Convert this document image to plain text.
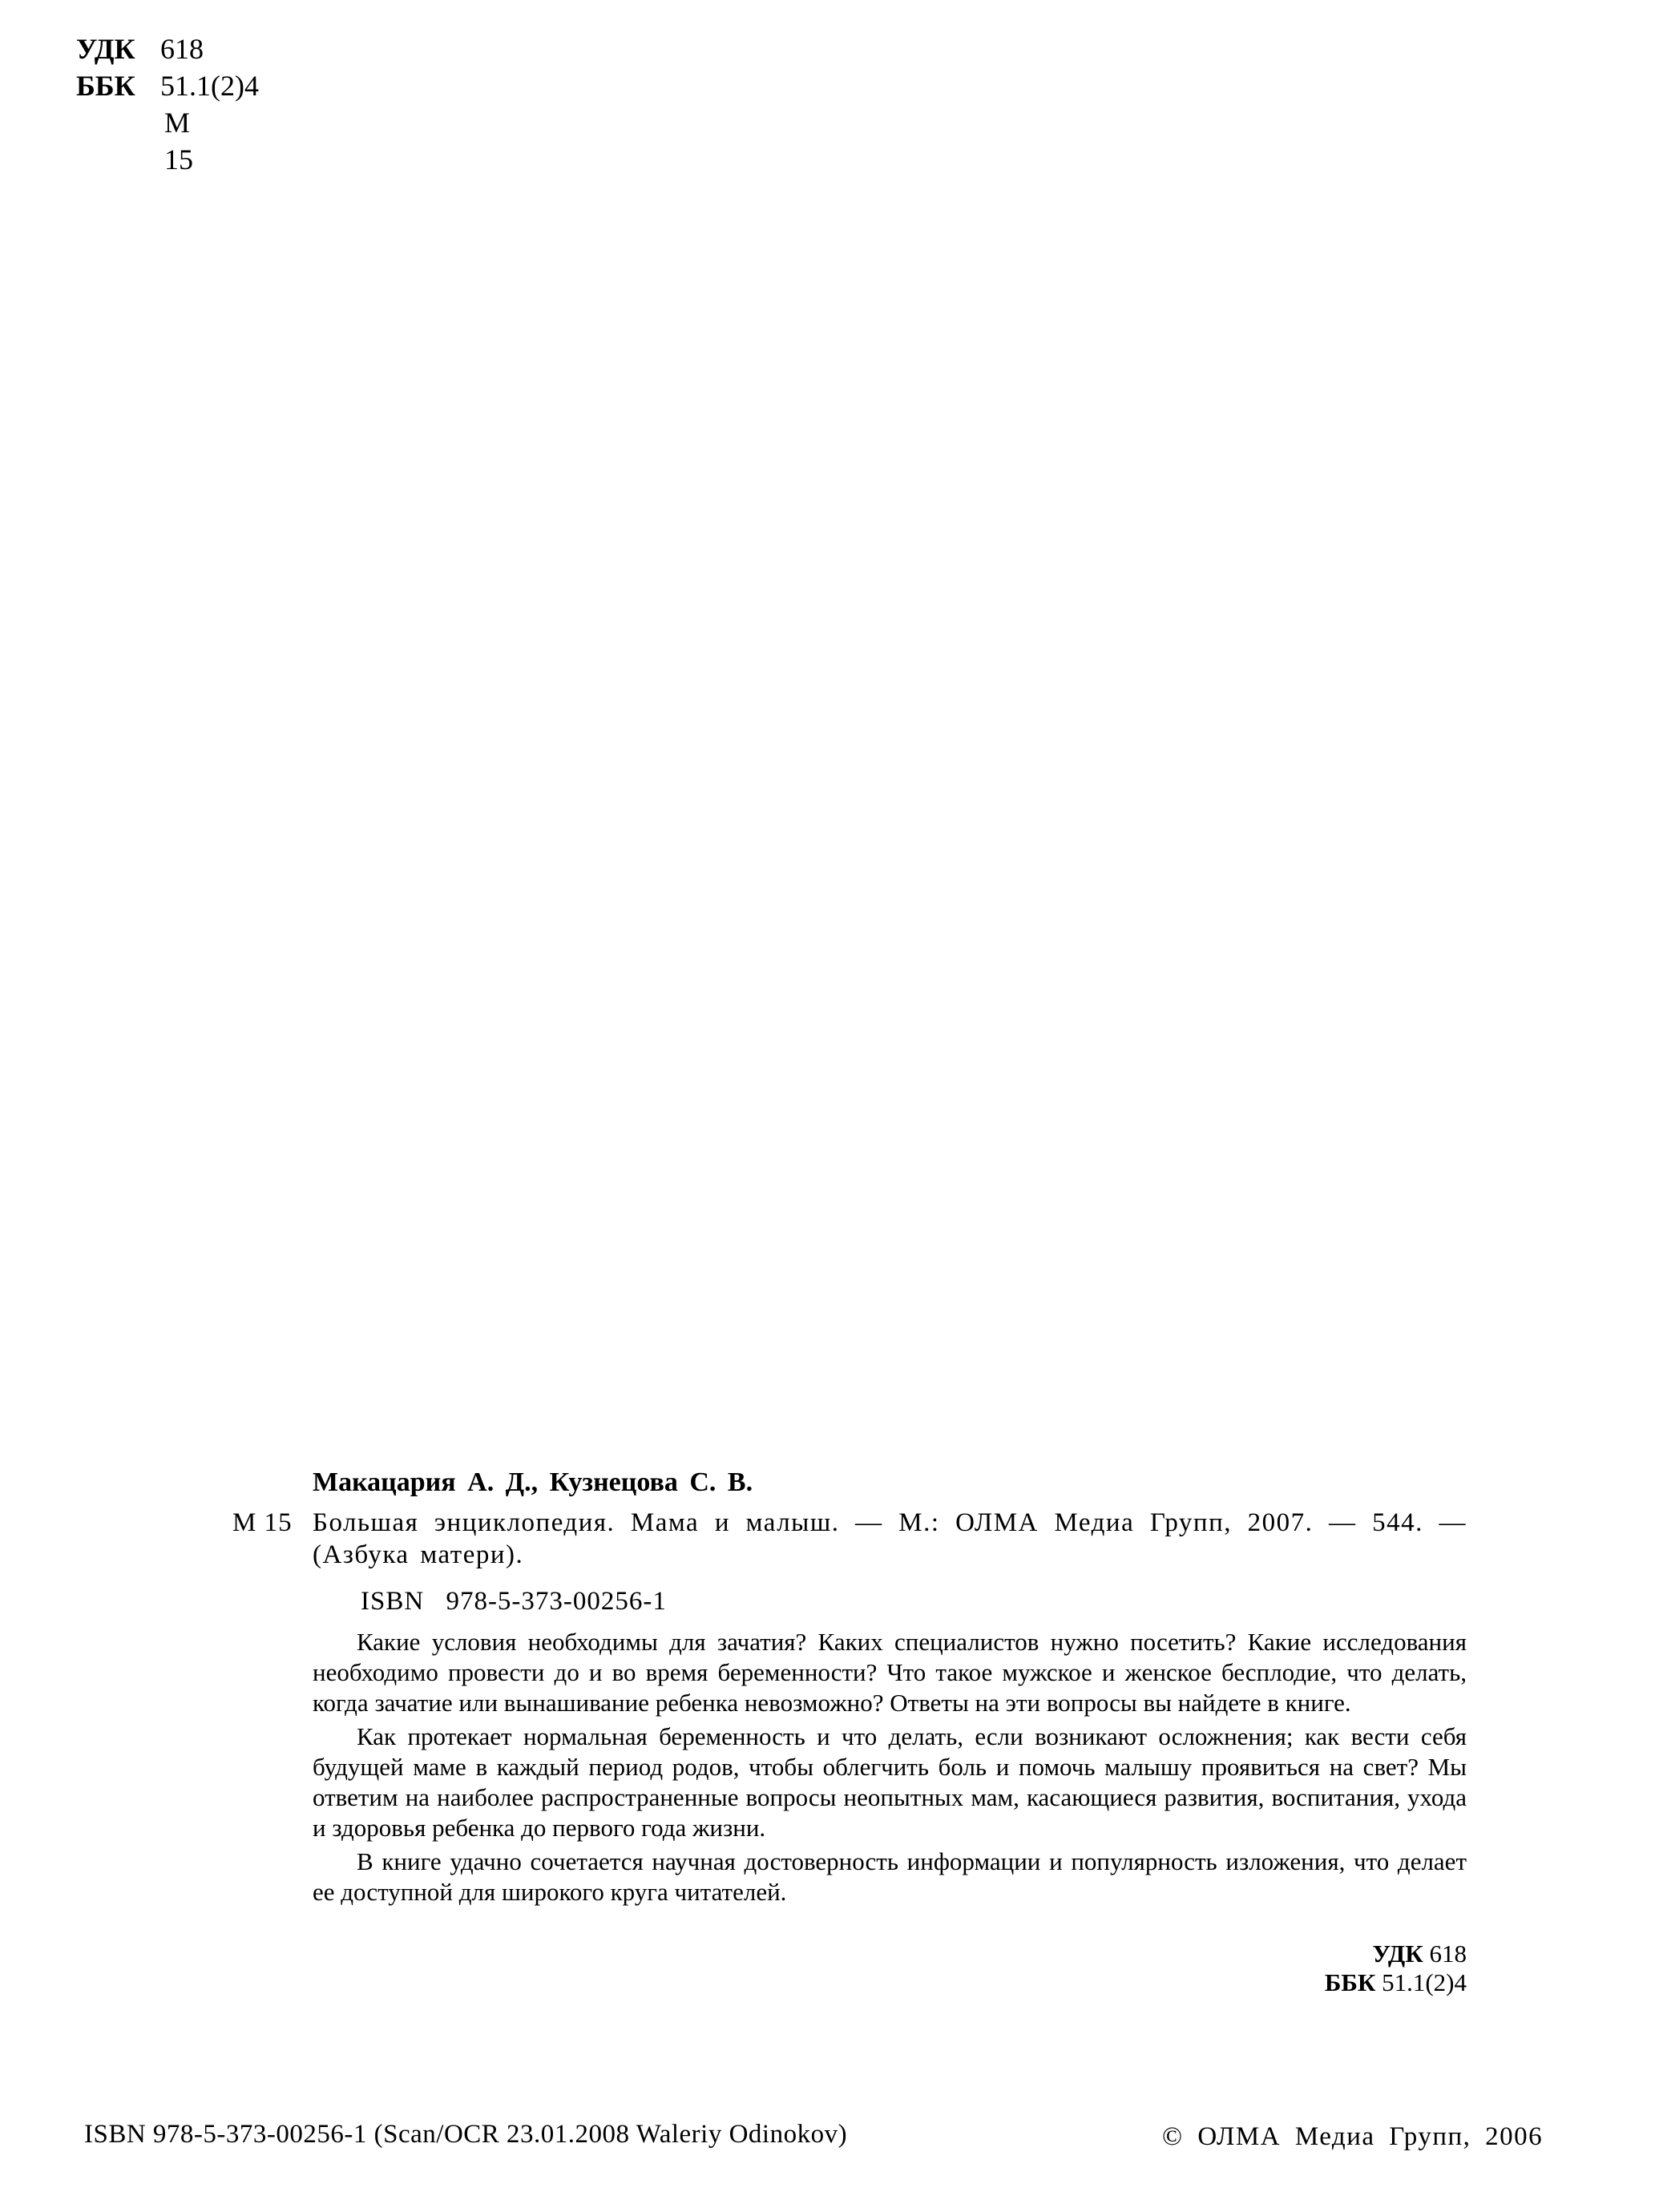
УДК 618
ББК 51.1(2)4
М 15
Макацария А. Д., Кузнецова С. В.
М 15 Большая энциклопедия. Мама и малыш. — М.: ОЛМА Медиа Групп, 2007. — 544. — (Азбука матери).
ISBN 978-5-373-00256-1

Какие условия необходимы для зачатия? Каких специалистов нужно посетить? Какие исследования необходимо провести до и во время беременности? Что такое мужское и женское бесплодие, что делать, когда зачатие или вынашивание ребенка невозможно? Ответы на эти вопросы вы найдете в книге.

Как протекает нормальная беременность и что делать, если возникают осложнения; как вести себя будущей маме в каждый период родов, чтобы облегчить боль и помочь малышу проявиться на свет? Мы ответим на наиболее распространенные вопросы неопытных мам, касающиеся развития, воспитания, ухода и здоровья ребенка до первого года жизни.

В книге удачно сочетается научная достоверность информации и популярность изложения, что делает ее доступной для широкого круга читателей.

УДК 618
ББК 51.1(2)4
ISBN 978-5-373-00256-1 (Scan/OCR 23.01.2008 Waleriy Odinokov)	© ОЛМА Медиа Групп, 2006
